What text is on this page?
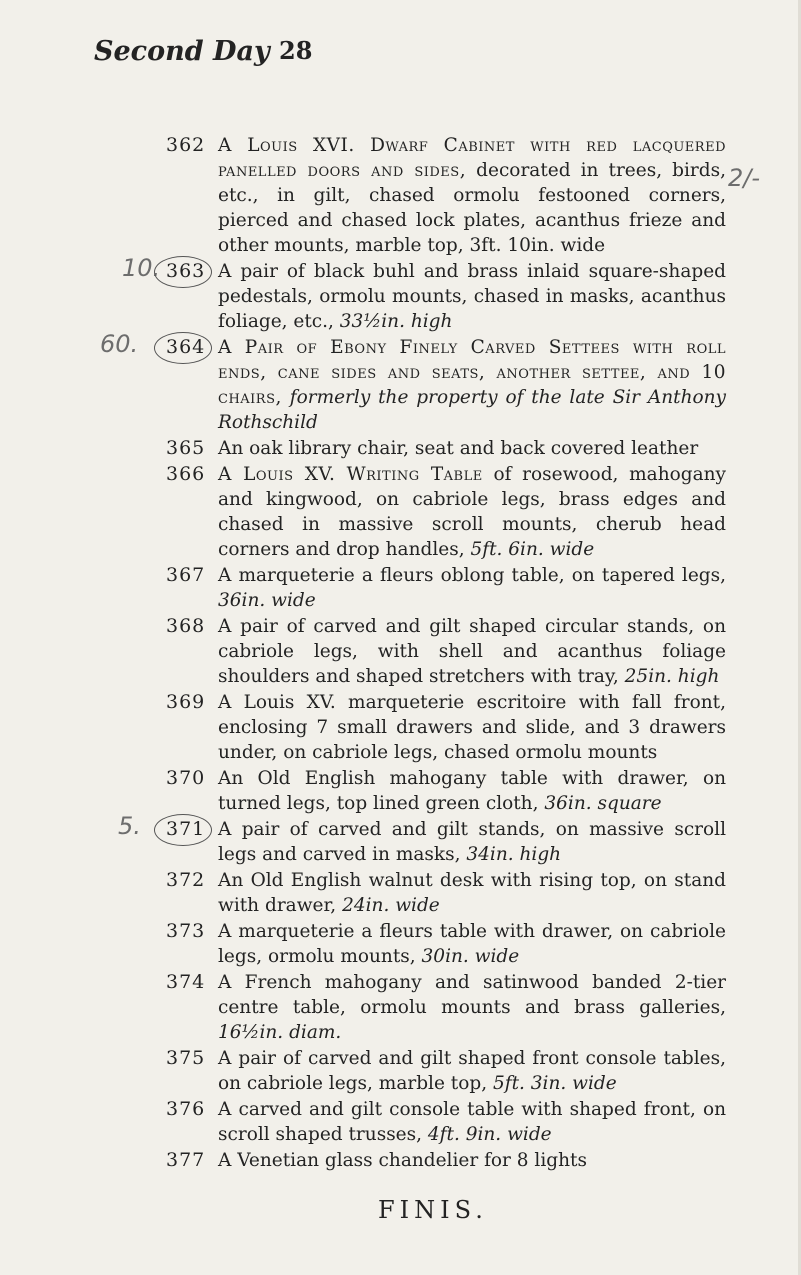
Second Day 28
2/-
10.
60.
5.
362 A Louis XVI. Dwarf Cabinet with red lacquered panelled doors and sides, decorated in trees, birds, etc., in gilt, chased ormolu festooned corners, pierced and chased lock plates, acanthus frieze and other mounts, marble top, 3ft. 10in. wide
363 A pair of black buhl and brass inlaid square-shaped pedestals, ormolu mounts, chased in masks, acanthus foliage, etc., 33½in. high
364 A Pair of Ebony Finely Carved Settees with roll ends, cane sides and seats, another settee, and 10 chairs, formerly the property of the late Sir Anthony Rothschild
365 An oak library chair, seat and back covered leather
366 A Louis XV. Writing Table of rosewood, mahogany and kingwood, on cabriole legs, brass edges and chased in massive scroll mounts, cherub head corners and drop handles, 5ft. 6in. wide
367 A marqueterie a fleurs oblong table, on tapered legs, 36in. wide
368 A pair of carved and gilt shaped circular stands, on cabriole legs, with shell and acanthus foliage shoulders and shaped stretchers with tray, 25in. high
369 A Louis XV. marqueterie escritoire with fall front, enclosing 7 small drawers and slide, and 3 drawers under, on cabriole legs, chased ormolu mounts
370 An Old English mahogany table with drawer, on turned legs, top lined green cloth, 36in. square
371 A pair of carved and gilt stands, on massive scroll legs and carved in masks, 34in. high
372 An Old English walnut desk with rising top, on stand with drawer, 24in. wide
373 A marqueterie a fleurs table with drawer, on cabriole legs, ormolu mounts, 30in. wide
374 A French mahogany and satinwood banded 2-tier centre table, ormolu mounts and brass galleries, 16½in. diam.
375 A pair of carved and gilt shaped front console tables, on cabriole legs, marble top, 5ft. 3in. wide
376 A carved and gilt console table with shaped front, on scroll shaped trusses, 4ft. 9in. wide
377 A Venetian glass chandelier for 8 lights
FINIS.
